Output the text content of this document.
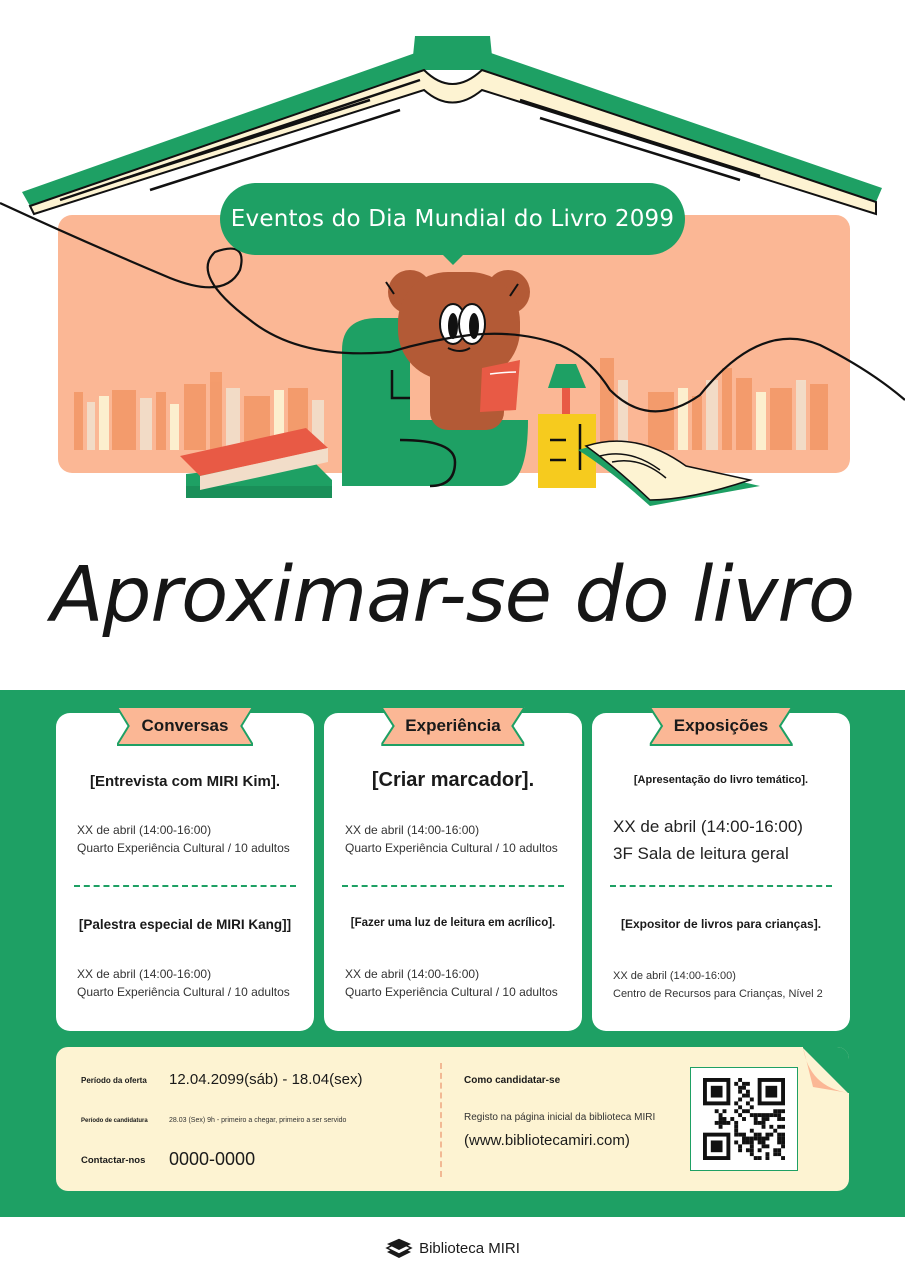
Eventos do Dia Mundial do Livro 2099
Aproximar-se do livro
Conversas
[Entrevista com MIRI Kim].
XX de abril (14:00-16:00)
Quarto Experiência Cultural / 10 adultos
[Palestra especial de MIRI Kang]]
XX de abril (14:00-16:00)
Quarto Experiência Cultural / 10 adultos
Experiência
[Criar marcador].
XX de abril (14:00-16:00)
Quarto Experiência Cultural / 10 adultos
[Fazer uma luz de leitura em acrílico].
XX de abril (14:00-16:00)
Quarto Experiência Cultural / 10 adultos
Exposições
[Apresentação do livro temático].
XX de abril (14:00-16:00)
3F Sala de leitura geral
[Expositor de livros para crianças].
XX de abril (14:00-16:00)
Centro de Recursos para Crianças, Nível 2
Período da oferta 12.04.2099(sáb) - 18.04(sex)
Período de candidatura	28.03 (Sex) 9h - primeiro a chegar, primeiro a ser servido
Contactar-nos 0000-0000
Como candidatar-se
Registo na página inicial da biblioteca MIRI
(www.bibliotecamiri.com)
Biblioteca MIRI
